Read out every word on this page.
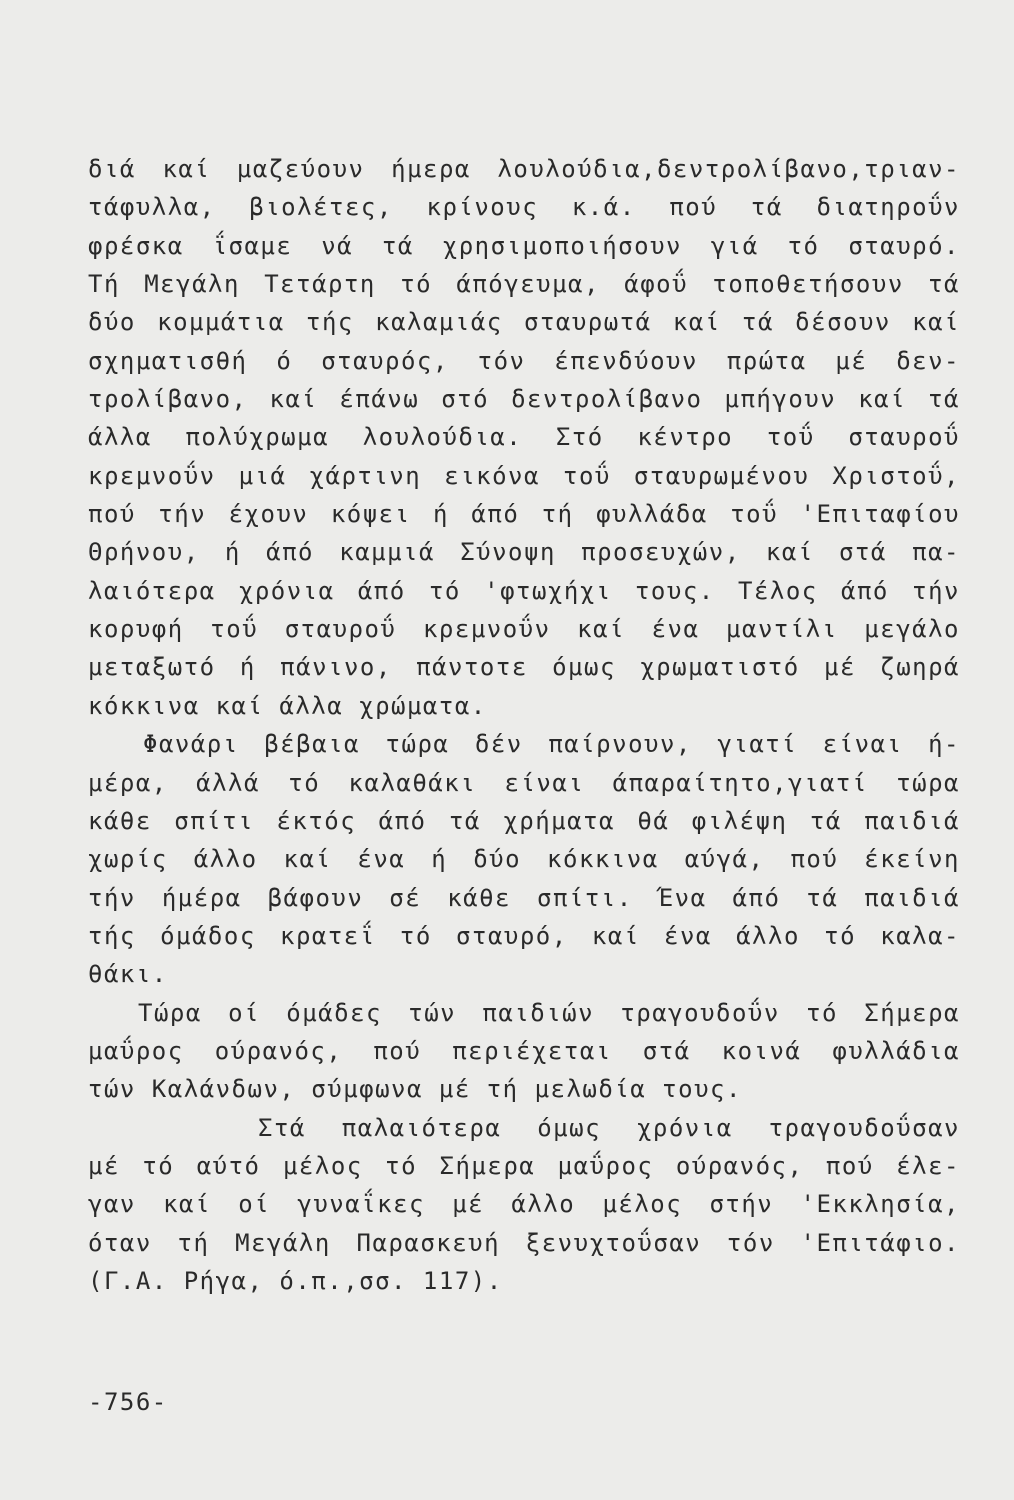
διά καί μαζεύουν ήμερα λουλούδια,δεντρολίβανο,τριαν-
τάφυλλα, βιολέτες, κρίνους κ.ά. πού τά διατηροΰν
φρέσκα ΐσαμε νά τά χρησιμοποιήσουν γιά τό σταυρό.
Τή Μεγάλη Τετάρτη τό άπόγευμα, άφοΰ τοποθετήσουν τά
δύο κομμάτια τής καλαμιάς σταυρωτά καί τά δέσουν καί
σχηματισθή ό σταυρός, τόν έπενδύουν πρώτα μέ δεν-
τρολίβανο, καί έπάνω στό δεντρολίβανο μπήγουν καί τά
άλλα πολύχρωμα λουλούδια. Στό κέντρο τοΰ σταυροΰ
κρεμνοΰν μιά χάρτινη εικόνα τοΰ σταυρωμένου Χριστοΰ,
πού τήν έχουν κόψει ή άπό τή φυλλάδα τοΰ 'Επιταφίου
Θρήνου, ή άπό καμμιά Σύνοψη προσευχών, καί στά πα-
λαιότερα χρόνια άπό τό 'φτωχήχι τους. Τέλος άπό τήν
κορυφή τοΰ σταυροΰ κρεμνοΰν καί ένα μαντίλι μεγάλο
μεταξωτό ή πάνινο, πάντοτε όμως χρωματιστό μέ ζωηρά
κόκκινα καί άλλα χρώματα.
Φανάρι βέβαια τώρα δέν παίρνουν, γιατί είναι ή-
μέρα, άλλά τό καλαθάκι είναι άπαραίτητο,γιατί τώρα
κάθε σπίτι έκτός άπό τά χρήματα θά φιλέψη τά παιδιά
χωρίς άλλο καί ένα ή δύο κόκκινα αύγά, πού έκείνη
τήν ήμέρα βάφουν σέ κάθε σπίτι. Ένα άπό τά παιδιά
τής όμάδος κρατεΐ τό σταυρό, καί ένα άλλο τό καλα-
θάκι.
Τώρα οί όμάδες τών παιδιών τραγουδοΰν τό Σήμερα
μαΰρος ούρανός, πού περιέχεται στά κοινά φυλλάδια
τών Καλάνδων, σύμφωνα μέ τή μελωδία τους.
Στά παλαιότερα όμως χρόνια τραγουδοΰσαν
μέ τό αύτό μέλος τό Σήμερα μαΰρος ούρανός, πού έλε-
γαν καί οί γυναΐκες μέ άλλο μέλος στήν 'Εκκλησία,
όταν τή Μεγάλη Παρασκευή ξενυχτοΰσαν τόν 'Επιτάφιο.
(Γ.Α. Ρήγα, ό.π.,σσ. 117).
-756-
